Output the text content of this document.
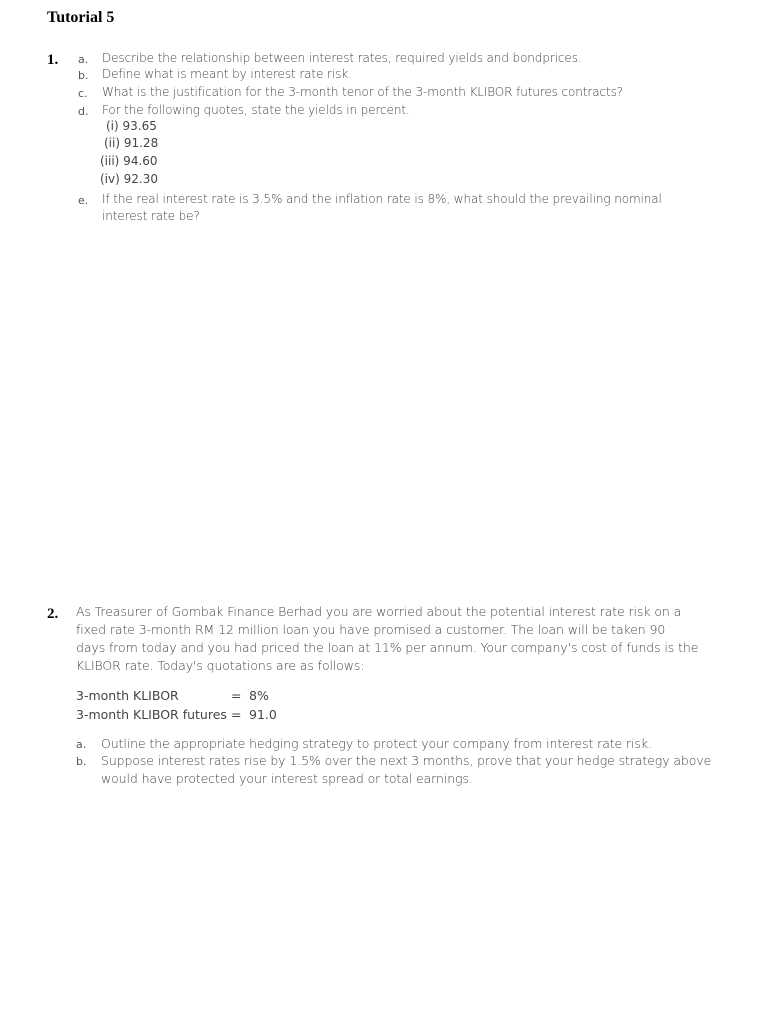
Tutorial 5
1. a. Describe the relationship between interest rates, required yields and bondprices.
b. Define what is meant by interest rate risk.
c. What is the justification for the 3-month tenor of the 3-month KLIBOR futures contracts?
d. For the following quotes, state the yields in percent.
(i) 93.65
(ii) 91.28
(iii) 94.60
(iv) 92.30
e. If the real interest rate is 3.5% and the inflation rate is 8%, what should the prevailing nominal
interest rate be?
2. As Treasurer of Gombak Finance Berhad you are worried about the potential interest rate risk on a
fixed rate 3-month RM 12 million loan you have promised a customer. The loan will be taken 90
days from today and you had priced the loan at 11% per annum. Your company's cost of funds is the
KLIBOR rate. Today's quotations are as follows:
3-month KLIBOR	= 8%
3-month KLIBOR futures = 91.0
a. Outline the appropriate hedging strategy to protect your company from interest rate risk.
b. Suppose interest rates rise by 1.5% over the next 3 months, prove that your hedge strategy above
would have protected your interest spread or total earnings.
